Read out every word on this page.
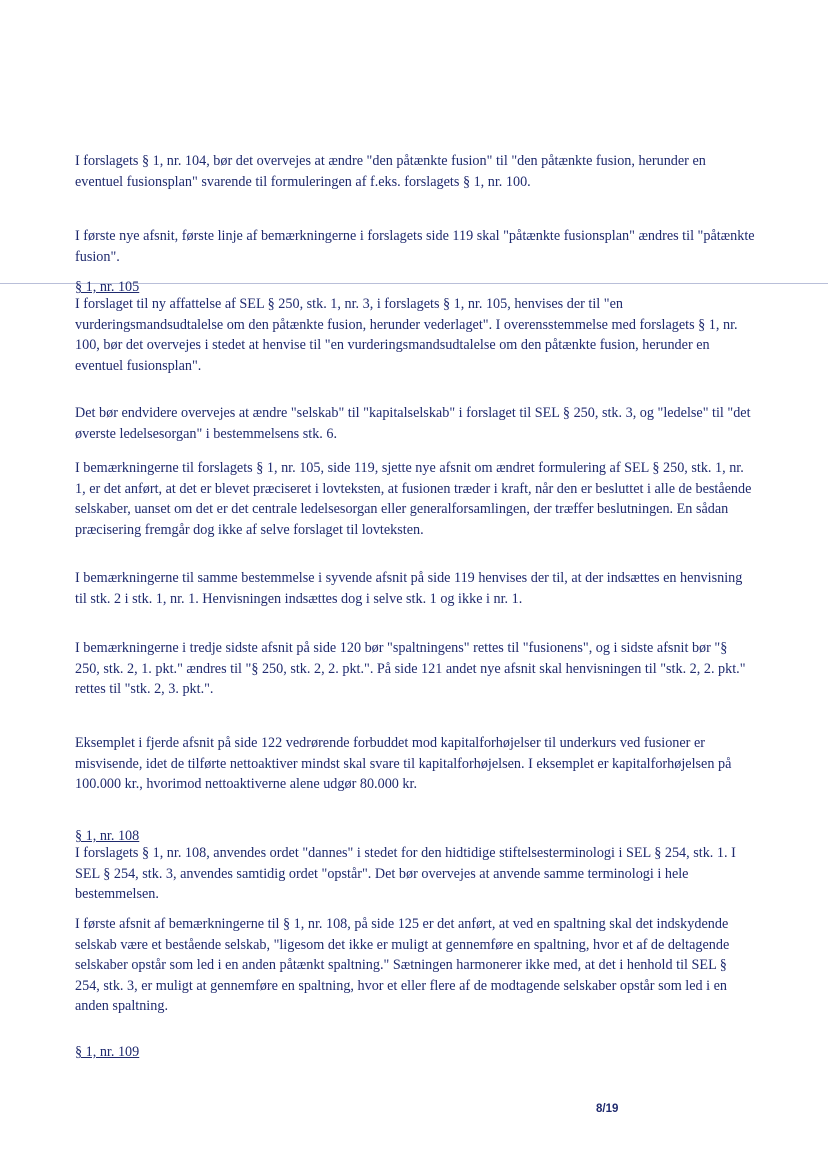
I forslagets § 1, nr. 104, bør det overvejes at ændre "den påtænkte fusion" til "den påtænkte fusion, herunder en eventuel fusionsplan" svarende til formuleringen af f.eks. forslagets § 1, nr. 100.

I første nye afsnit, første linje af bemærkningerne i forslagets side 119 skal "påtænkte fusionsplan" ændres til "påtænkte fusion".

§ 1, nr. 105

I forslaget til ny affattelse af SEL § 250, stk. 1, nr. 3, i forslagets § 1, nr. 105, henvises der til "en vurderingsmandsudtalelse om den påtænkte fusion, herunder vederlaget". I overensstemmelse med forslagets § 1, nr. 100, bør det overvejes i stedet at henvise til "en vurderingsmandsudtalelse om den påtænkte fusion, herunder en eventuel fusionsplan".

Det bør endvidere overvejes at ændre "selskab" til "kapitalselskab" i forslaget til SEL § 250, stk. 3, og "ledelse" til "det øverste ledelsesorgan" i bestemmelsens stk. 6.

I bemærkningerne til forslagets § 1, nr. 105, side 119, sjette nye afsnit om ændret formulering af SEL § 250, stk. 1, nr. 1, er det anført, at det er blevet præciseret i lovteksten, at fusionen træder i kraft, når den er besluttet i alle de bestående selskaber, uanset om det er det centrale ledelsesorgan eller generalforsamlingen, der træffer beslutningen. En sådan præcisering fremgår dog ikke af selve forslaget til lovteksten.

I bemærkningerne til samme bestemmelse i syvende afsnit på side 119 henvises der til, at der indsættes en henvisning til stk. 2 i stk. 1, nr. 1. Henvisningen indsættes dog i selve stk. 1 og ikke i nr. 1.

I bemærkningerne i tredje sidste afsnit på side 120 bør "spaltningens" rettes til "fusionens", og i sidste afsnit bør "§ 250, stk. 2, 1. pkt." ændres til "§ 250, stk. 2, 2. pkt.". På side 121 andet nye afsnit skal henvisningen til "stk. 2, 2. pkt." rettes til "stk. 2, 3. pkt.".

Eksemplet i fjerde afsnit på side 122 vedrørende forbuddet mod kapitalforhøjelser til underkurs ved fusioner er misvisende, idet de tilførte nettoaktiver mindst skal svare til kapitalforhøjelsen. I eksemplet er kapitalforhøjelsen på 100.000 kr., hvorimod nettoaktiverne alene udgør 80.000 kr.

§ 1, nr. 108

I forslagets § 1, nr. 108, anvendes ordet "dannes" i stedet for den hidtidige stiftelsesterminologi i SEL § 254, stk. 1. I SEL § 254, stk. 3, anvendes samtidig ordet "opstår". Det bør overvejes at anvende samme terminologi i hele bestemmelsen.

I første afsnit af bemærkningerne til § 1, nr. 108, på side 125 er det anført, at ved en spaltning skal det indskydende selskab være et bestående selskab, "ligesom det ikke er muligt at gennemføre en spaltning, hvor et af de deltagende selskaber opstår som led i en anden påtænkt spaltning." Sætningen harmonerer ikke med, at det i henhold til SEL § 254, stk. 3, er muligt at gennemføre en spaltning, hvor et eller flere af de modtagende selskaber opstår som led i en anden spaltning.

§ 1, nr. 109
8/19
